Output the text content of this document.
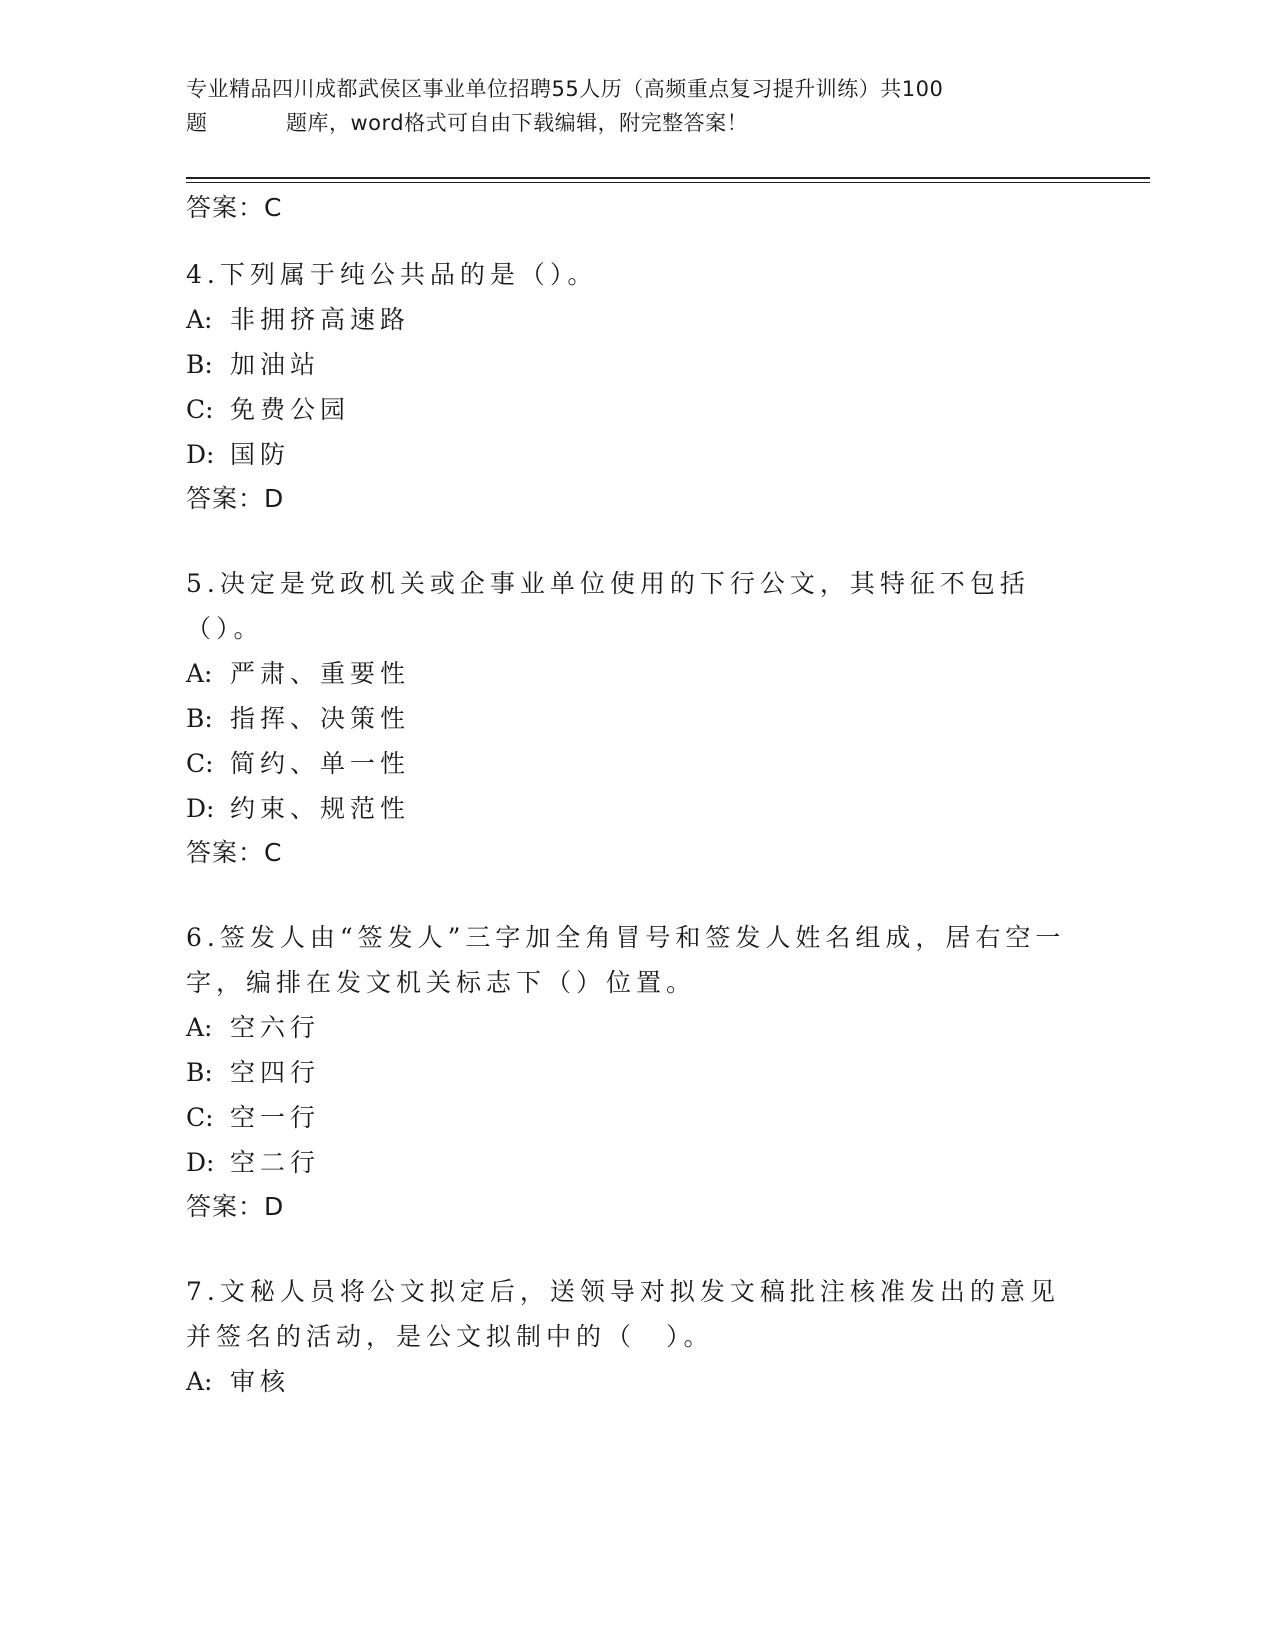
专业精品四川成都武侯区事业单位招聘55人历（高频重点复习提升训练）共100
题	题库，word格式可自由下载编辑，附完整答案！
答案：C
4.下列属于纯公共品的是（）。
A: 非拥挤高速路
B: 加油站
C: 免费公园
D: 国防
答案：D
5.决定是党政机关或企事业单位使用的下行公文，其特征不包括（）。
A: 严肃、重要性
B: 指挥、决策性
C: 简约、单一性
D: 约束、规范性
答案：C
6.签发人由“签发人”三字加全角冒号和签发人姓名组成，居右空一字，编排在发文机关标志下（）位置。
A: 空六行
B: 空四行
C: 空一行
D: 空二行
答案：D
7.文秘人员将公文拟定后，送领导对拟发文稿批注核准发出的意见并签名的活动，是公文拟制中的（　）。
A: 审核
